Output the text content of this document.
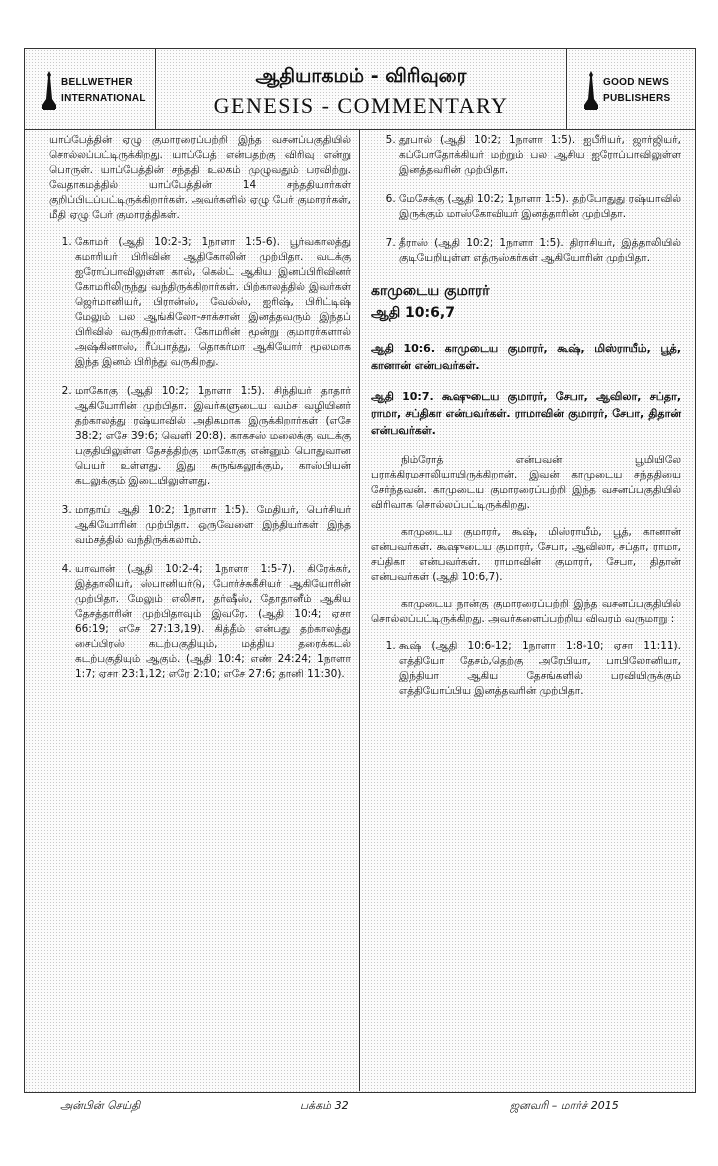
BELLWETHER
INTERNATIONAL
ஆதியாகமம் - விரிவுரை
GENESIS - COMMENTARY
GOOD NEWS
PUBLISHERS

யாப்பேத்தின் ஏழு குமாரரைப்பற்றி இந்த வசனப்பகுதியில் சொல்லப்பட்டிருக்கிறது. யாப்பேத் என்பதற்கு விரிவு என்று பொருள். யாப்பேத்தின் சந்ததி உலகம் முழுவதும் பரவிற்று. வேதாகமத்தில் யாப்பேத்தின் 14 சந்ததியார்கள் குறிப்பிடப்பட்டிருக்கிறார்கள். அவர்களில் ஏழு பேர் குமாரர்கள், மீதி ஏழு பேர் குமாரத்திகள்.

1. கோமர் (ஆதி 10:2-3; 1நாளா 1:5-6). பூர்வகாலத்து கமாரியர் பிரிவின் ஆதிகோலின் முற்பிதா. வடக்கு ஐரோப்பாவிலுள்ள கால், கெல்ட் ஆகிய இனப்பிரிவினர் கோமரிலிருந்து வந்திருக்கிறார்கள். பிற்காலத்தில் இவர்கள் ஜெர்மானியர், பிரான்ஸ், வேல்ஸ், ஐரிஷ், பிரிட்டிஷ் மேலும் பல ஆங்கிலோ-சாக்சான் இனத்தவரும் இந்தப் பிரிவில் வருகிறார்கள். கோமரின் மூன்று குமாரர்களால் அஷ்கினாஸ், ரீப்பாத்து, தொகர்மா ஆகியோர் மூலமாக இந்த இனம் பிரிந்து வருகிறது.
2. மாகோகு (ஆதி 10:2; 1நாளா 1:5). சிந்தியர் தாதார் ஆகியோரின் முற்பிதா. இவர்களுடைய வம்ச வழியினர் தற்காலத்து ரஷ்யாவில் அதிகமாக இருக்கிறார்கள் (எசே 38:2; எசே 39:6; வெளி 20:8). காகசஸ் மலைக்கு வடக்கு பகுதியிலுள்ள தேசத்திற்கு மாகோகு என்னும் பொதுவான பெயர் உள்ளது. இது சுருங்கலூக்கும், காஸ்பியன் கடலுக்கும் இடையிலுள்ளது.
3. மாதாய் ஆதி 10:2; 1நாளா 1:5). மேதியர், பெர்சியர் ஆகியோரின் முற்பிதா. ஒருவேளை இந்தியர்கள் இந்த வம்சத்தில் வந்திருக்கலாம்.
4. யாவான் (ஆதி 10:2-4; 1நாளா 1:5-7). கிரேக்கர், இத்தாலியர், ஸ்பானியர்டு, போர்ச்சுகீசியர் ஆகியோரின் முற்பிதா. மேலும் எலிசா, தர்ஷீஸ், தோதானீம் ஆகிய தேசத்தாரின் முற்பிதாவும் இவரே. (ஆதி 10:4; ஏசா 66:19; எசே 27:13,19). கித்தீம் என்பது தற்காலத்து சைப்பிரஸ் கடற்பகுதியும், மத்திய தரைக்கடல் கடற்பகுதியும் ஆகும். (ஆதி 10:4; எண் 24:24; 1நாளா 1:7; ஏசா 23:1,12; எரே 2:10; எசே 27:6; தானி 11:30).
5. தூபால் (ஆதி 10:2; 1நாளா 1:5). ஐபீரியர், ஜார்ஜியர், கப்போதோக்கியர் மற்றும் பல ஆசிய ஐரோப்பாவிலுள்ள இனத்தவரின் முற்பிதா.
6. மேசேக்கு (ஆதி 10:2; 1நாளா 1:5). தற்போதுது ரஷ்யாவில் இருக்கும் மாஸ்கோவியர் இனத்தாரின் முற்பிதா.
7. தீராஸ் (ஆதி 10:2; 1நாளா 1:5). திராசியர், இத்தாலியில் குடியேறியுள்ள எத்ருஸ்கர்கள் ஆகியோரின் முற்பிதா.
காமுடைய குமாரர்
ஆதி 10:6,7

ஆதி 10:6. காமுடைய குமாரர், கூஷ், மிஸ்ராயீம், பூத், கானான் என்பவர்கள்.

ஆதி 10:7. கூஷுடைய குமாரர், சேபா, ஆவிலா, சப்தா, ராமா, சப்திகா என்பவர்கள். ராமாவின் குமாரர், சேபா, திதான் என்பவர்கள்.

நிம்ரோத் என்பவன் பூமியிலே பராக்கிரமசாலியாயிருக்கிறான். இவன் காமுடைய சந்ததியை சேர்ந்தவன். காமுடைய குமாரரைப்பற்றி இந்த வசனப்பகுதியில் விரிவாக சொல்லப்பட்டிருக்கிறது.

காமுடைய குமாரர், கூஷ், மிஸ்ராயீம், பூத், கானான் என்பவர்கள். கூஷுடைய குமாரர், சேபா, ஆவிலா, சப்தா, ராமா, சப்திகா என்பவர்கள். ராமாவின் குமாரர், சேபா, திதான் என்பவர்கள் (ஆதி 10:6,7).

காமுடைய நான்கு குமாரரைப்பற்றி இந்த வசனப்பகுதியில் சொல்லப்பட்டிருக்கிறது. அவர்களைப்பற்றிய விவரம் வருமாறு :

1. கூஷ் (ஆதி 10:6-12; 1நாளா 1:8-10; ஏசா 11:11). எத்தியோ தேசம்,தெற்கு அரேபியா, பாபிலோனியா, இந்தியா ஆகிய தேசங்களில் பரவியிருக்கும் எத்தியோப்பிய இனத்தவரின் முற்பிதா.
அன்பின் செய்தி	பக்கம் 32	ஜனவரி – மார்ச் 2015
